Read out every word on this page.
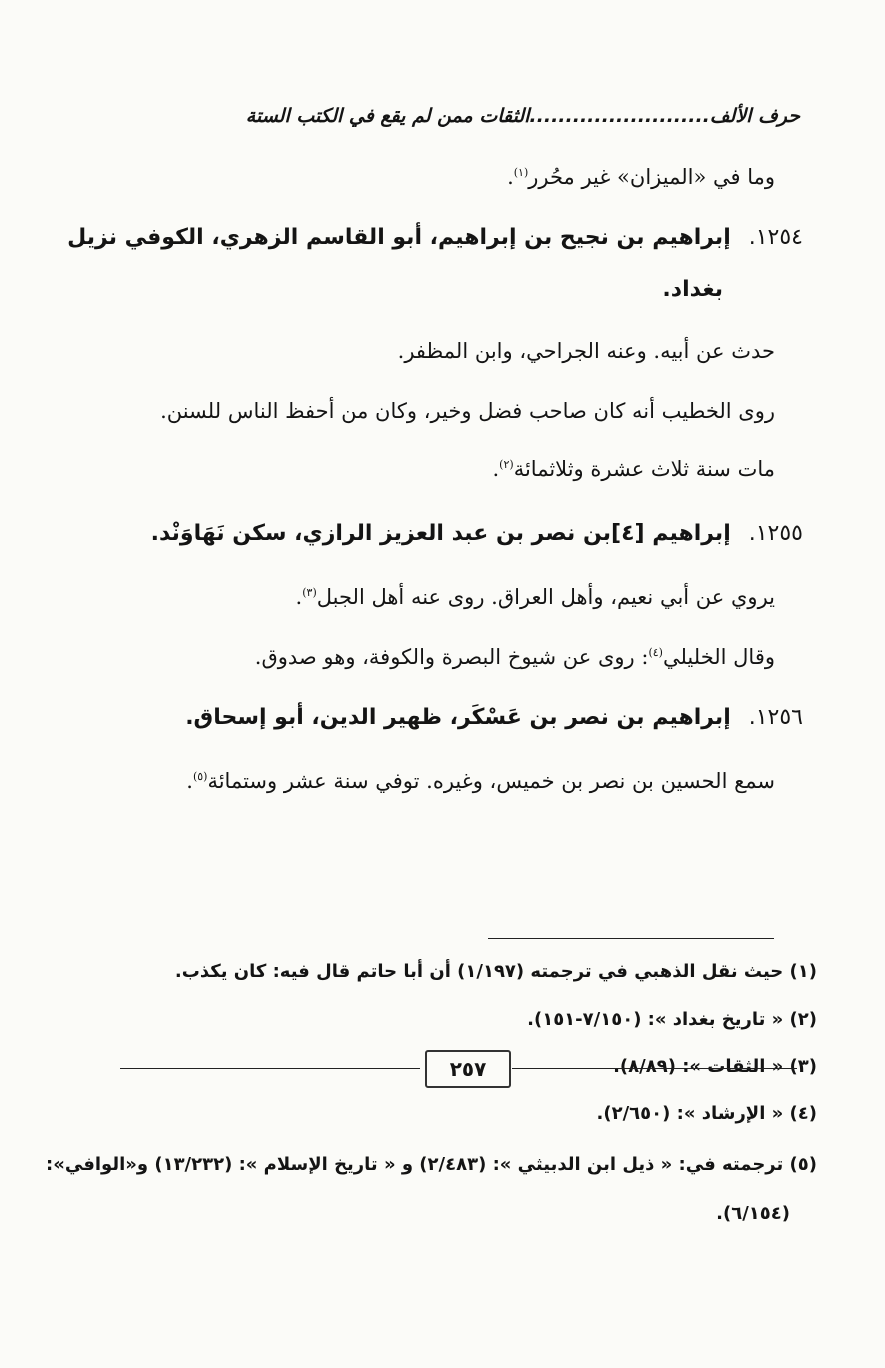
حرف الألف.........................الثقات ممن لم يقع في الكتب الستة
وما في «الميزان» غير محُرر$^{(١)}$.
١٢٥٤.إبراهيم بن نجيح بن إبراهيم، أبو القاسم الزهري، الكوفي نزيل
بغداد.
حدث عن أبيه. وعنه الجراحي، وابن المظفر.
روى الخطيب أنه كان صاحب فضل وخير، وكان من أحفظ الناس للسنن.
مات سنة ثلاث عشرة وثلاثمائة$^{(٢)}$.
١٢٥٥.إبراهيم [٤]بن نصر بن عبد العزيز الرازي، سكن نَهَاوَنْد.
يروي عن أبي نعيم، وأهل العراق. روى عنه أهل الجبل$^{(٣)}$.
وقال الخليلي$^{(٤)}$: روى عن شيوخ البصرة والكوفة، وهو صدوق.
١٢٥٦.إبراهيم بن نصر بن عَسْكَر، ظهير الدين، أبو إسحاق.
سمع الحسين بن نصر بن خميس، وغيره. توفي سنة عشر وستمائة$^{(٥)}$.
(١) حيث نقل الذهبي في ترجمته (١/١٩٧) أن أبا حاتم قال فيه: كان يكذب.
(٢) « تاريخ بغداد »: (٧/١٥٠-١٥١).
(٣) « الثقات »: (٨/٨٩).
(٤) « الإرشاد »: (٢/٦٥٠).
(٥) ترجمته في: « ذيل ابن الدبيثي »: (٢/٤٨٣) و « تاريخ الإسلام »: (١٣/٢٣٢) و«الوافي»:
(٦/١٥٤).
٢٥٧
